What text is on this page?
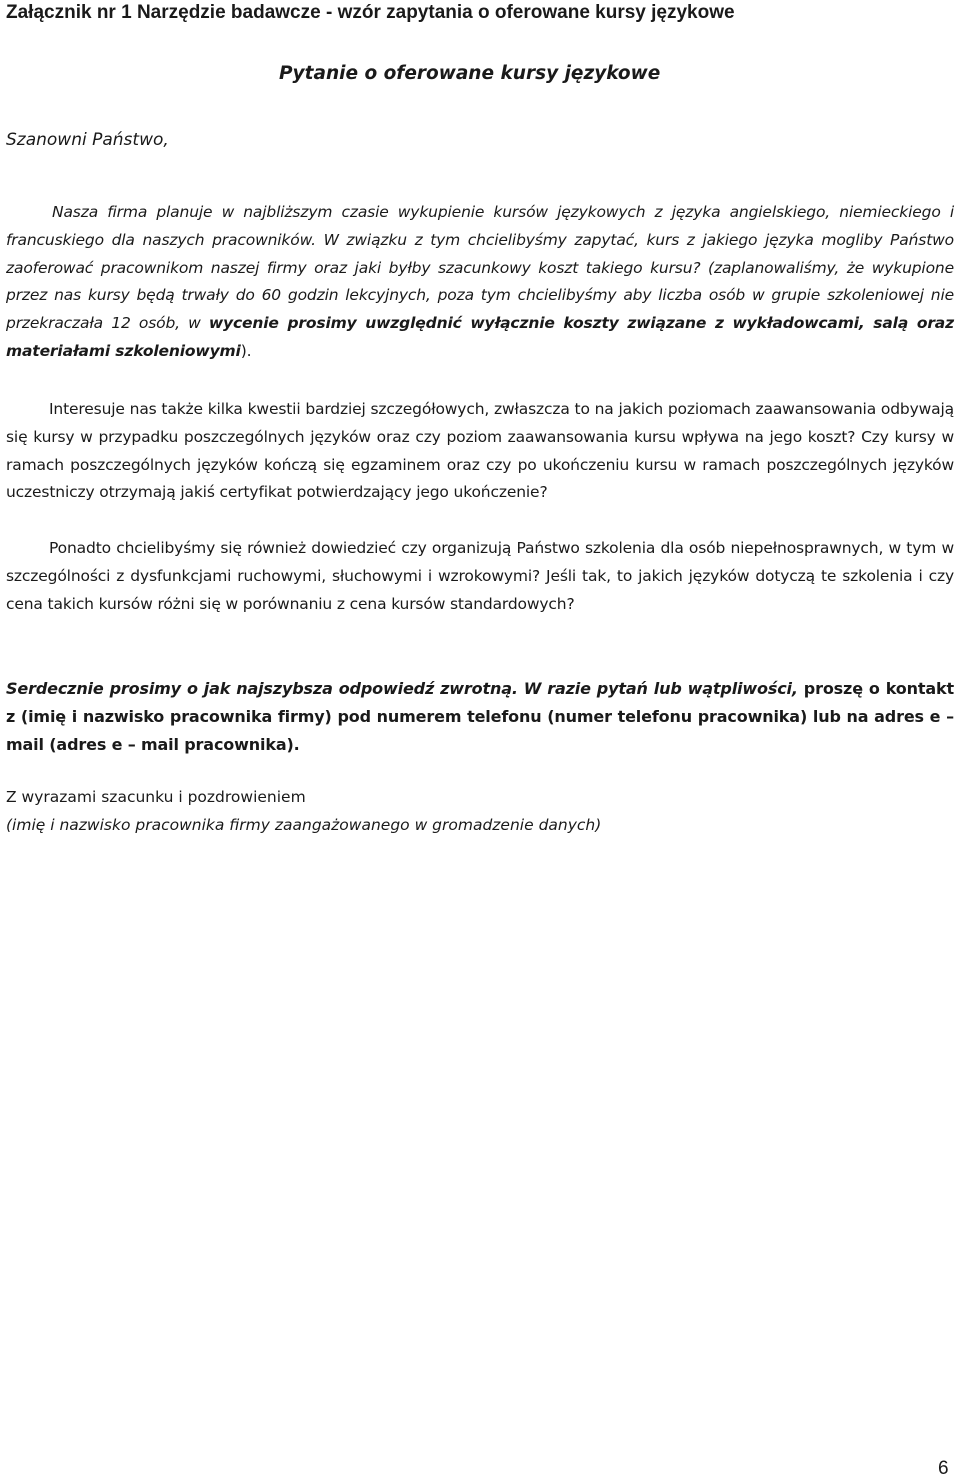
Załącznik nr 1 Narzędzie badawcze - wzór zapytania o oferowane kursy językowe
Pytanie o oferowane kursy językowe
Szanowni Państwo,
Nasza firma planuje w najbliższym czasie wykupienie kursów językowych z języka angielskiego, niemieckiego i francuskiego dla naszych pracowników. W związku z tym chcielibyśmy zapytać, kurs z jakiego języka mogliby Państwo zaoferować pracownikom naszej firmy oraz jaki byłby szacunkowy koszt takiego kursu? (zaplanowaliśmy, że wykupione przez nas kursy będą trwały do 60 godzin lekcyjnych, poza tym chcielibyśmy aby liczba osób w grupie szkoleniowej nie przekraczała 12 osób, w wycenie prosimy uwzględnić wyłącznie koszty związane z wykładowcami, salą oraz materiałami szkoleniowymi).
Interesuje nas także kilka kwestii bardziej szczegółowych, zwłaszcza to na jakich poziomach zaawansowania odbywają się kursy w przypadku poszczególnych języków oraz czy poziom zaawansowania kursu wpływa na jego koszt? Czy kursy w ramach poszczególnych języków kończą się egzaminem oraz czy po ukończeniu kursu w ramach poszczególnych języków uczestniczy otrzymają jakiś certyfikat potwierdzający jego ukończenie?
Ponadto chcielibyśmy się również dowiedzieć czy organizują Państwo szkolenia dla osób niepełnosprawnych, w tym w szczególności z dysfunkcjami ruchowymi, słuchowymi i wzrokowymi? Jeśli tak, to jakich języków dotyczą te szkolenia i czy cena takich kursów różni się w porównaniu z cena kursów standardowych?
Serdecznie prosimy o jak najszybsza odpowiedź zwrotną. W razie pytań lub wątpliwości, proszę o kontakt z (imię i nazwisko pracownika firmy) pod numerem telefonu (numer telefonu pracownika) lub na adres e – mail (adres e – mail pracownika).
Z wyrazami szacunku i pozdrowieniem
(imię i nazwisko pracownika firmy zaangażowanego w gromadzenie danych)
6
